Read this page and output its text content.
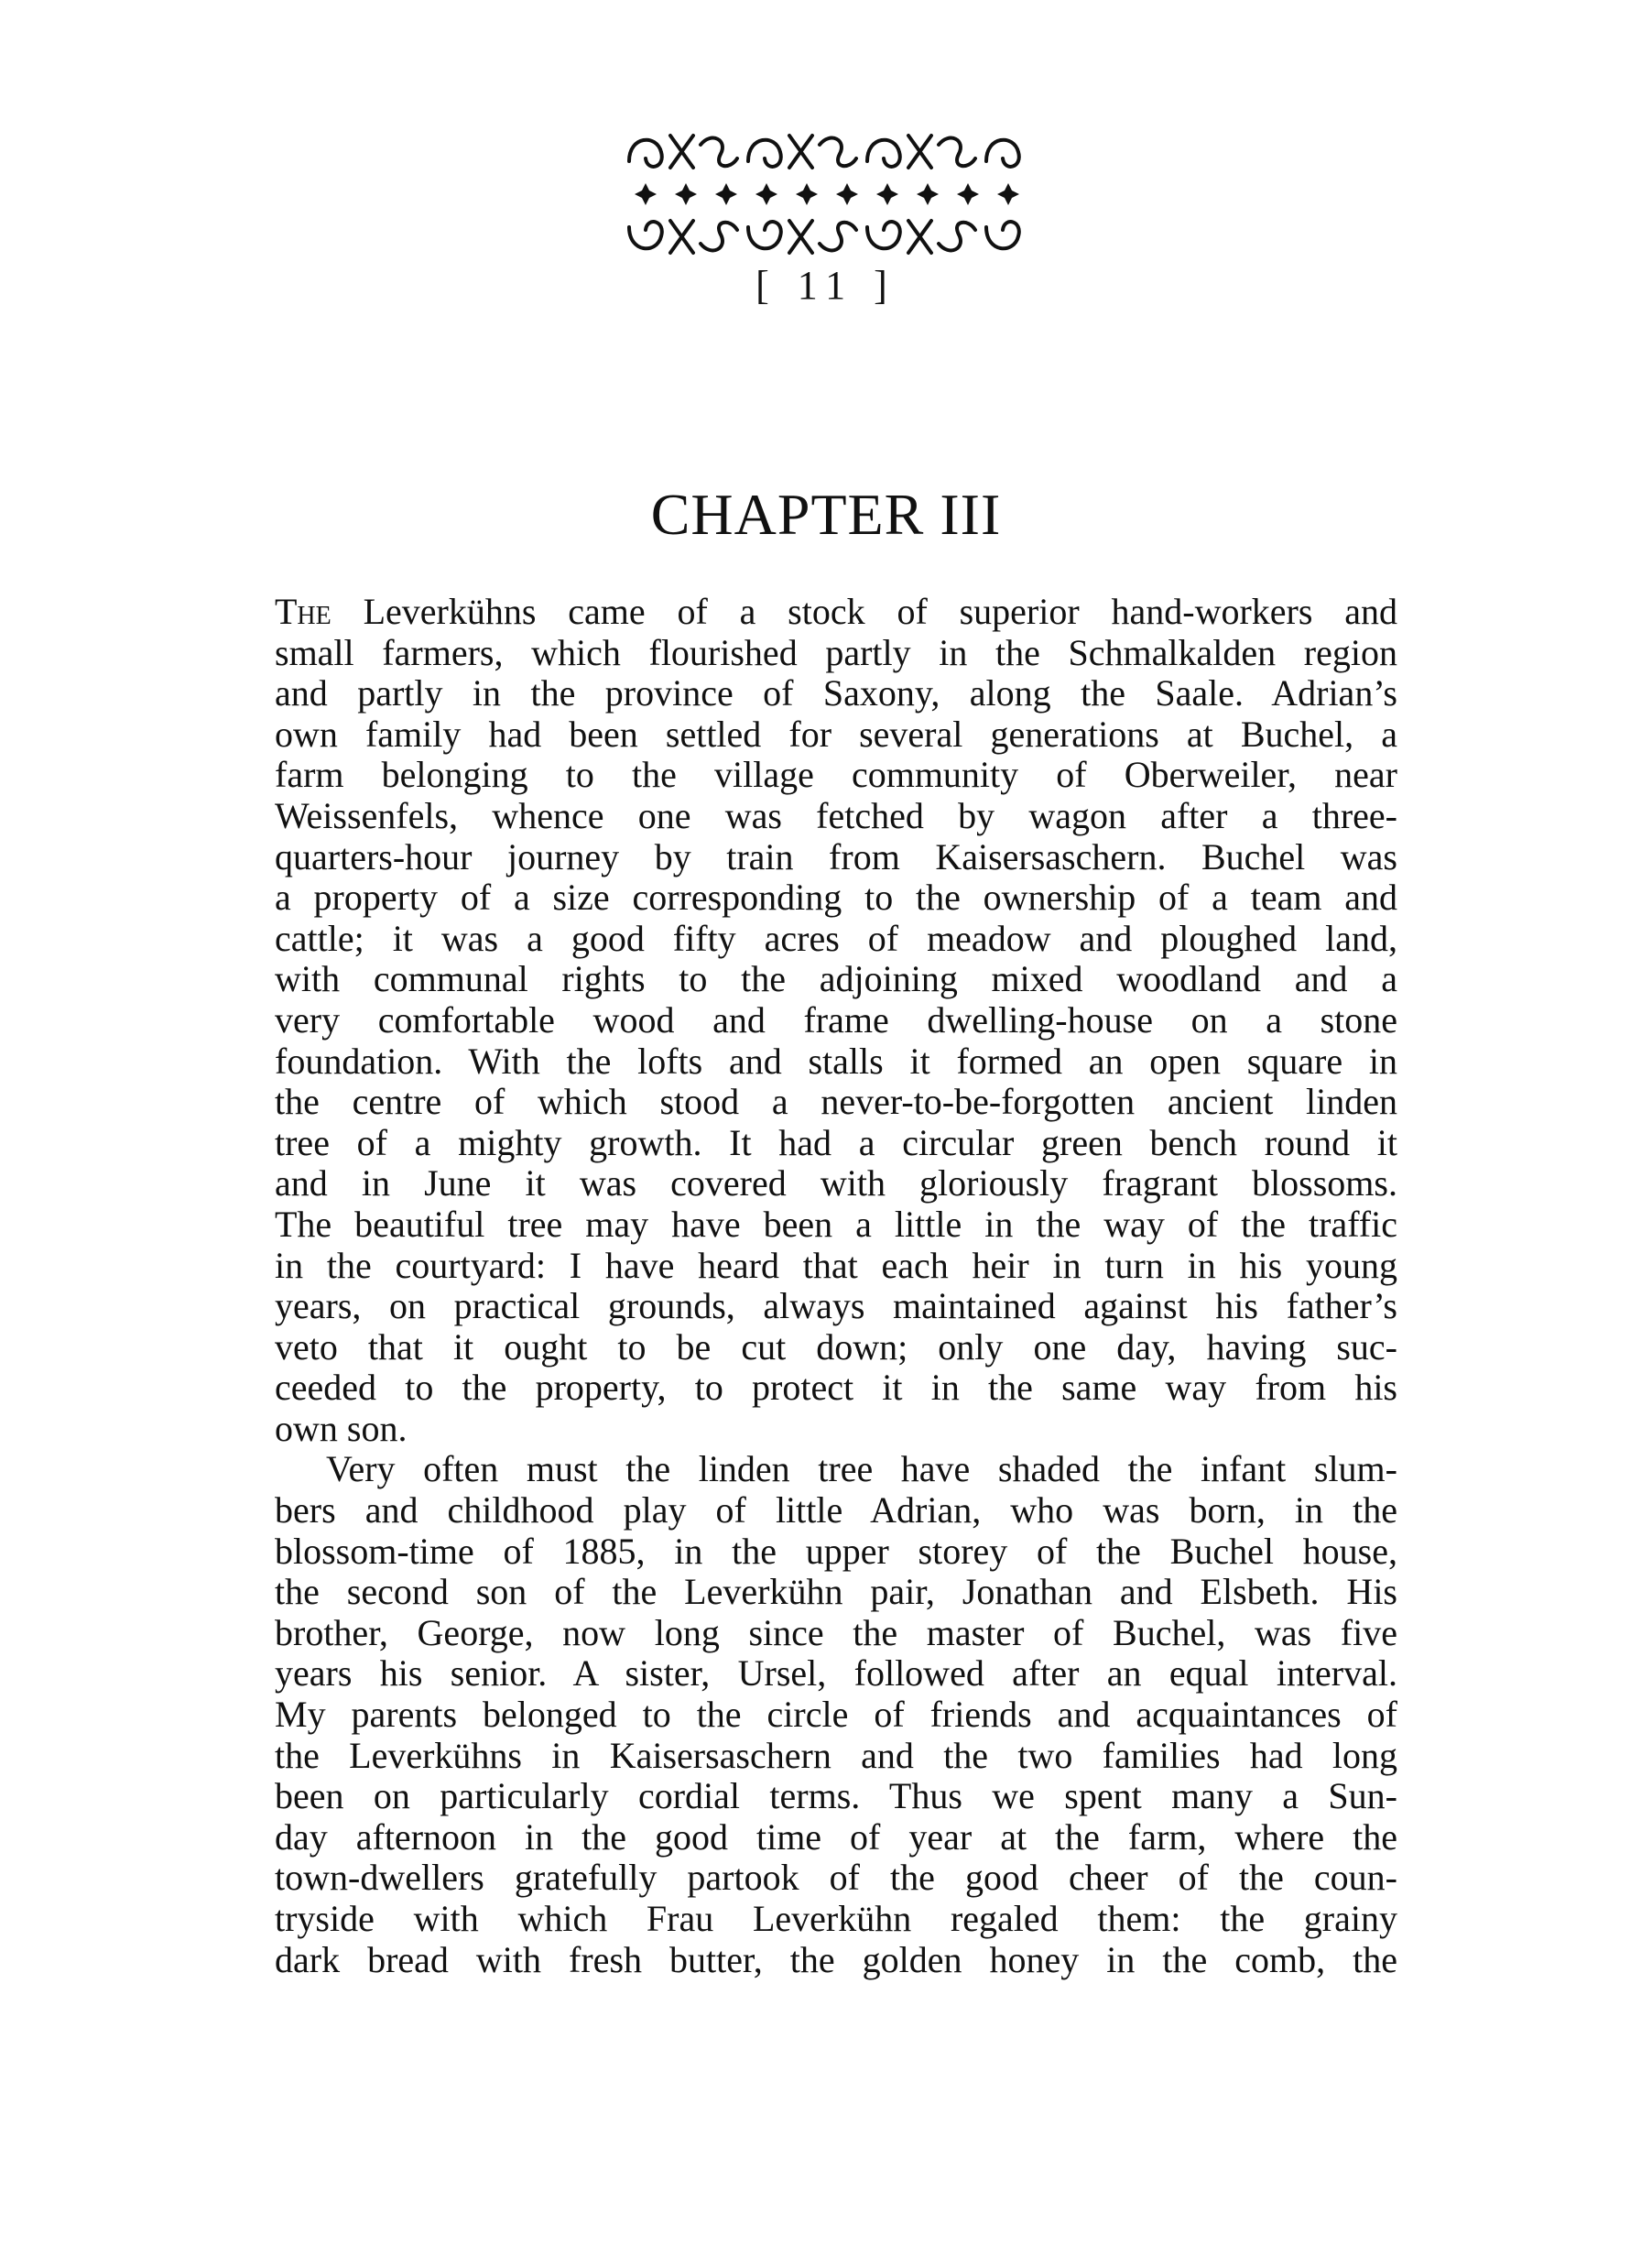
[ 11 ]
CHAPTER III
The Leverkühns came of a stock of superior hand-workers and
small farmers, which flourished partly in the Schmalkalden region
and partly in the province of Saxony, along the Saale. Adrian’s
own family had been settled for several generations at Buchel, a
farm belonging to the village community of Oberweiler, near
Weissenfels, whence one was fetched by wagon after a three-
quarters-hour journey by train from Kaisersaschern. Buchel was
a property of a size corresponding to the ownership of a team and
cattle; it was a good fifty acres of meadow and ploughed land,
with communal rights to the adjoining mixed woodland and a
very comfortable wood and frame dwelling-house on a stone
foundation. With the lofts and stalls it formed an open square in
the centre of which stood a never-to-be-forgotten ancient linden
tree of a mighty growth. It had a circular green bench round it
and in June it was covered with gloriously fragrant blossoms.
The beautiful tree may have been a little in the way of the traffic
in the courtyard: I have heard that each heir in turn in his young
years, on practical grounds, always maintained against his father’s
veto that it ought to be cut down; only one day, having suc-
ceeded to the property, to protect it in the same way from his
own son.
Very often must the linden tree have shaded the infant slum-
bers and childhood play of little Adrian, who was born, in the
blossom-time of 1885, in the upper storey of the Buchel house,
the second son of the Leverkühn pair, Jonathan and Elsbeth. His
brother, George, now long since the master of Buchel, was five
years his senior. A sister, Ursel, followed after an equal interval.
My parents belonged to the circle of friends and acquaintances of
the Leverkühns in Kaisersaschern and the two families had long
been on particularly cordial terms. Thus we spent many a Sun-
day afternoon in the good time of year at the farm, where the
town-dwellers gratefully partook of the good cheer of the coun-
tryside with which Frau Leverkühn regaled them: the grainy
dark bread with fresh butter, the golden honey in the comb, the
